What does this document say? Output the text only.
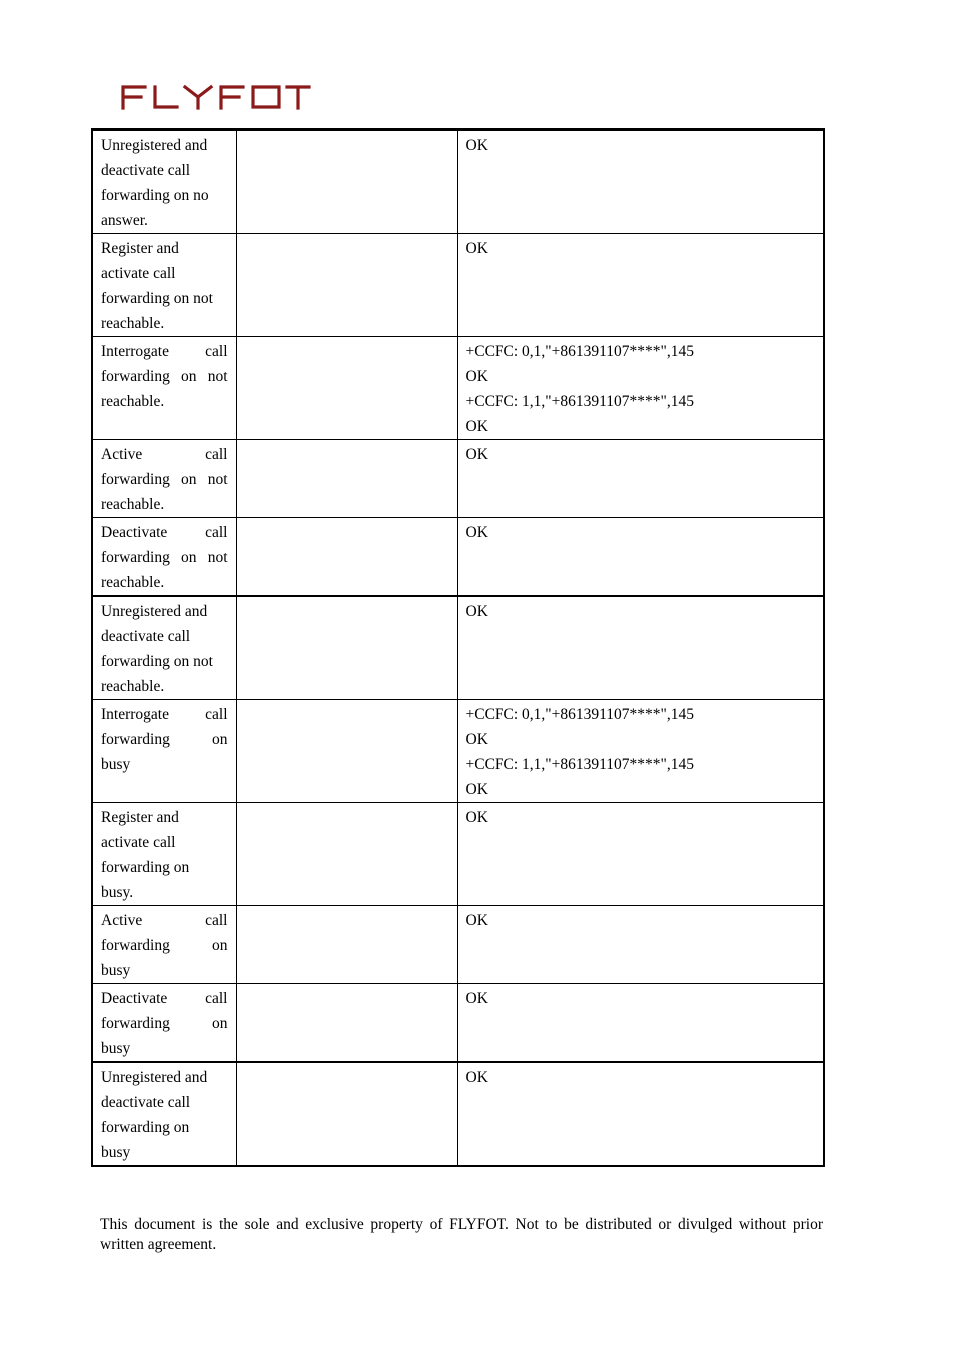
Unregistered and
deactivate call
forwarding on no
answer.		OK

Register and
activate call
forwarding on not
reachable.		OK

Interrogate call
forwarding on not
reachable.		+CCFC: 0,1,"+861391107****",145
OK
+CCFC: 1,1,"+861391107****",145
OK

Active call
forwarding on not
reachable.		OK

Deactivate call
forwarding on not
reachable.		OK

Unregistered and
deactivate call
forwarding on not
reachable.		OK

Interrogate call
forwarding on
busy		+CCFC: 0,1,"+861391107****",145
OK
+CCFC: 1,1,"+861391107****",145
OK

Register and
activate call
forwarding on
busy.		OK

Active call
forwarding on
busy		OK

Deactivate call
forwarding on
busy		OK

Unregistered and
deactivate call
forwarding on
busy		OK
This document is the sole and exclusive property of FLYFOT. Not to be distributed or divulged without prior written agreement.
